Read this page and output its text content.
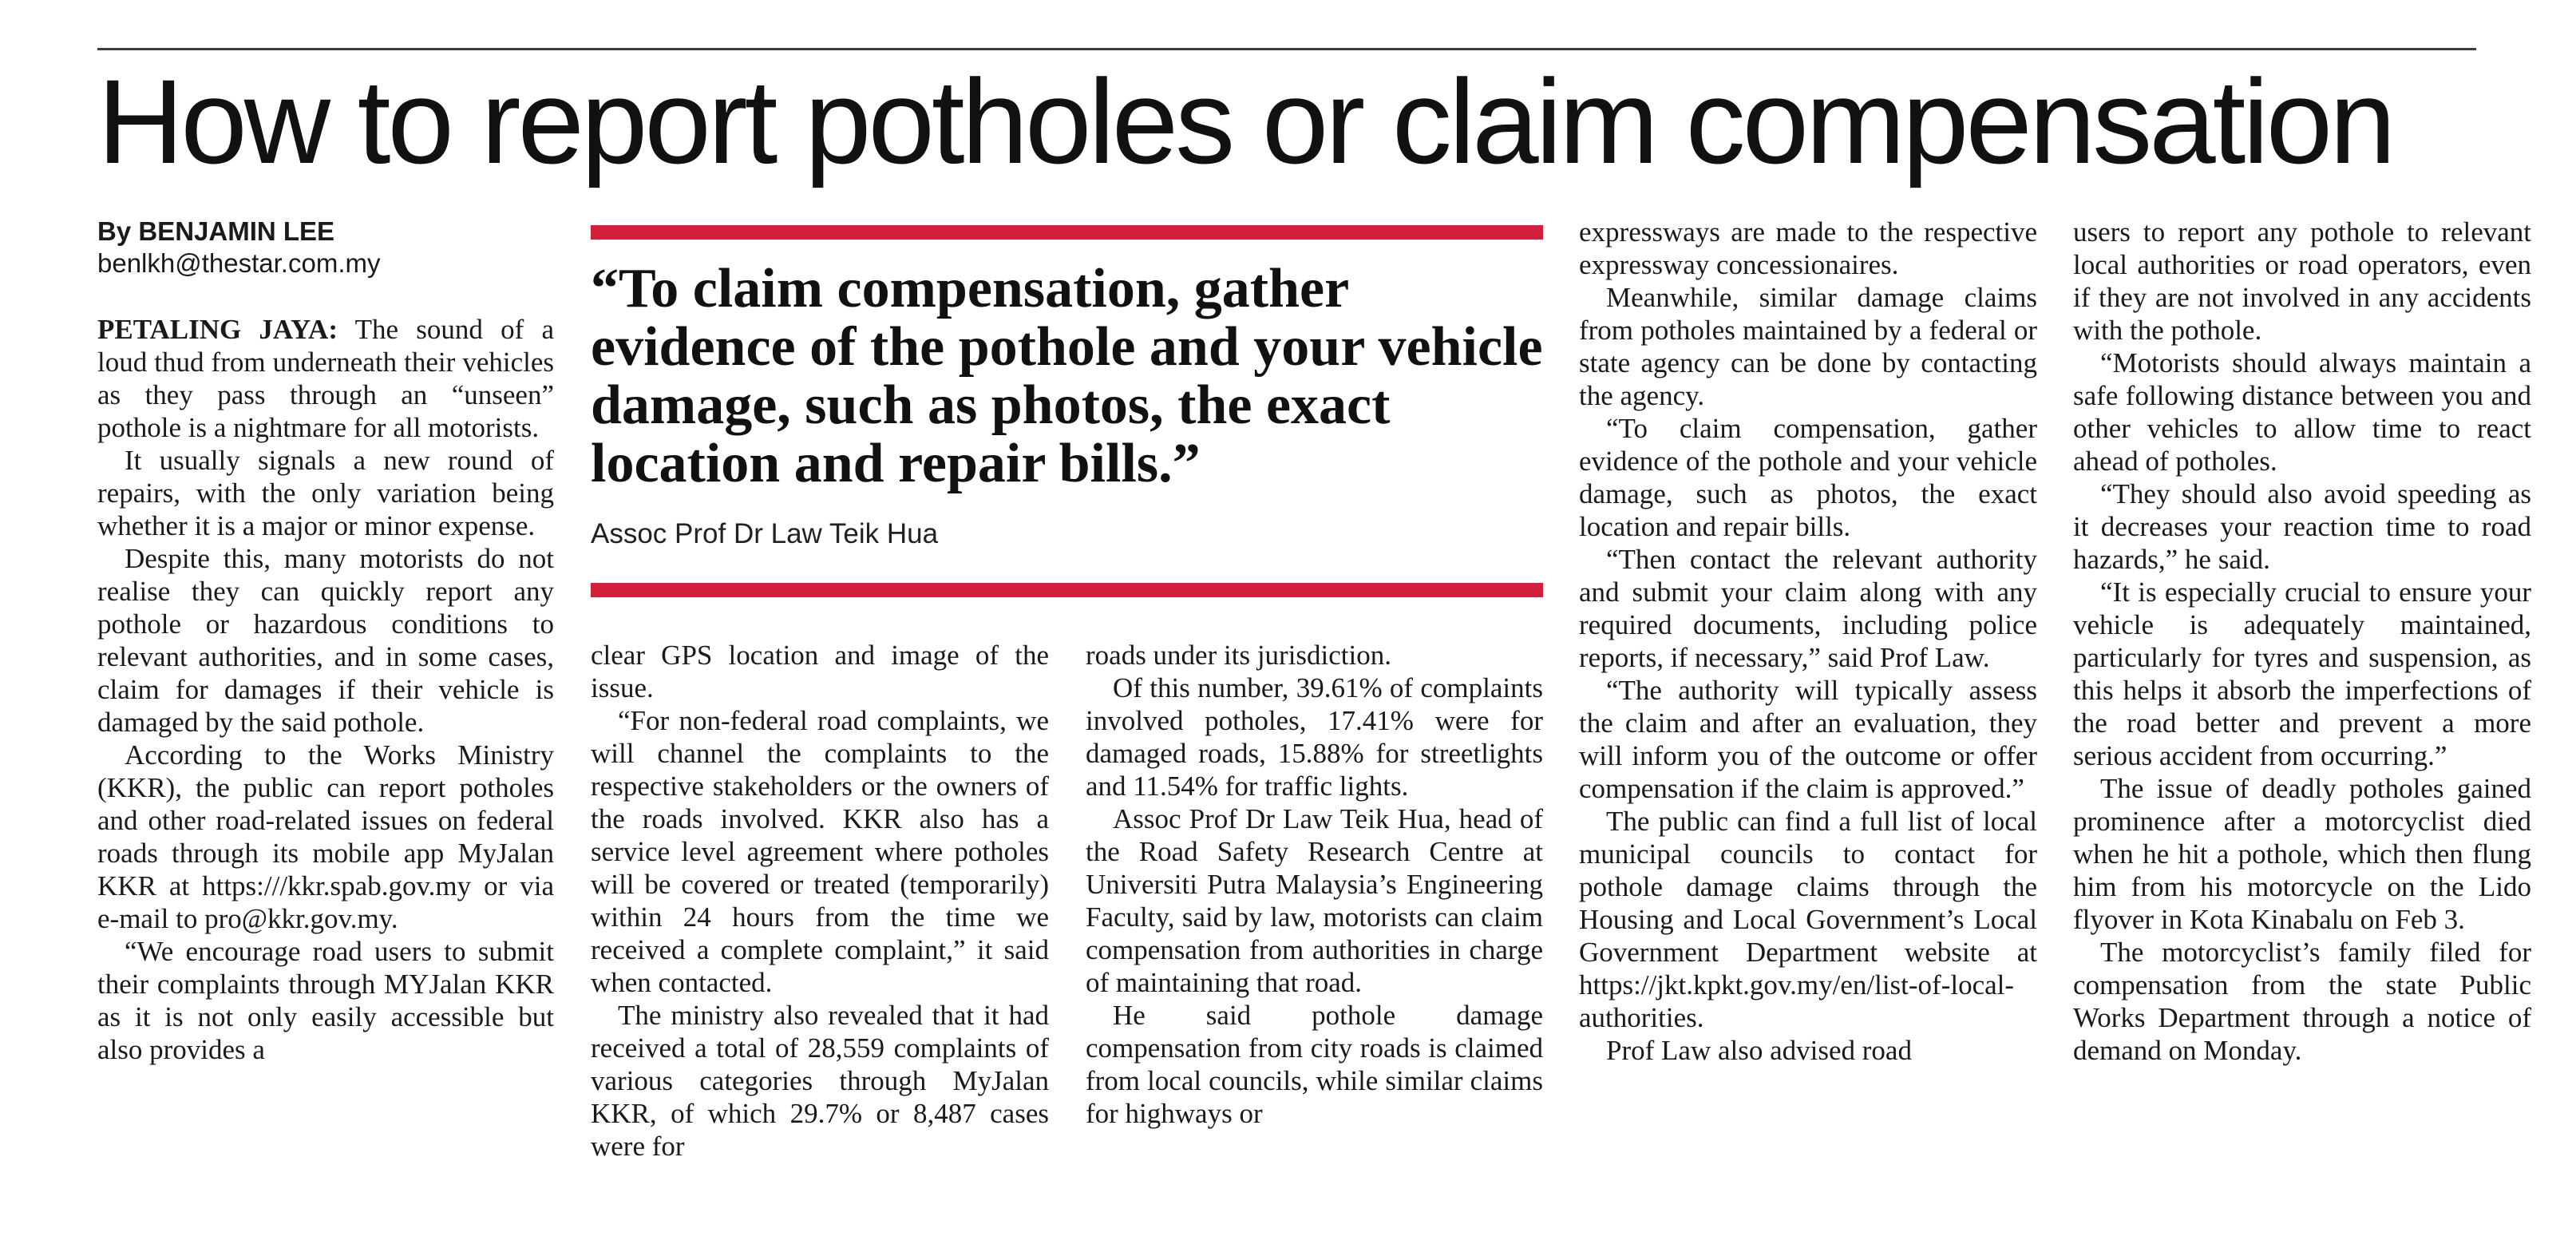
How to report potholes or claim compensation
By BENJAMIN LEE
benlkh@thestar.com.my

PETALING JAYA: The sound of a loud thud from underneath their vehicles as they pass through an “unseen” pothole is a nightmare for all motorists.

It usually signals a new round of repairs, with the only variation being whether it is a major or minor expense.

Despite this, many motorists do not realise they can quickly report any pothole or hazardous conditions to relevant authorities, and in some cases, claim for damages if their vehicle is damaged by the said pothole.

According to the Works Ministry (KKR), the public can report potholes and other road-related issues on federal roads through its mobile app MyJalan KKR at https:///kkr.spab.gov.my or via e-mail to pro@kkr.gov.my.

“We encourage road users to submit their complaints through MYJalan KKR as it is not only easily accessible but also provides a

“To claim compensation, gather evidence of the pothole and your vehicle damage, such as photos, the exact location and repair bills.”
Assoc Prof Dr Law Teik Hua

clear GPS location and image of the issue.

“For non-federal road complaints, we will channel the complaints to the respective stakeholders or the owners of the roads involved. KKR also has a service level agreement where potholes will be covered or treated (temporarily) within 24 hours from the time we received a complete complaint,” it said when contacted.

The ministry also revealed that it had received a total of 28,559 complaints of various categories through MyJalan KKR, of which 29.7% or 8,487 cases were for

roads under its jurisdiction.

Of this number, 39.61% of complaints involved potholes, 17.41% were for damaged roads, 15.88% for streetlights and 11.54% for traffic lights.

Assoc Prof Dr Law Teik Hua, head of the Road Safety Research Centre at Universiti Putra Malaysia’s Engineering Faculty, said by law, motorists can claim compensation from authorities in charge of maintaining that road.

He said pothole damage compensation from city roads is claimed from local councils, while similar claims for highways or

expressways are made to the respective expressway concessionaires.

Meanwhile, similar damage claims from potholes maintained by a federal or state agency can be done by contacting the agency.

“To claim compensation, gather evidence of the pothole and your vehicle damage, such as photos, the exact location and repair bills.

“Then contact the relevant authority and submit your claim along with any required documents, including police reports, if necessary,” said Prof Law.

“The authority will typically assess the claim and after an evaluation, they will inform you of the outcome or offer compensation if the claim is approved.”

The public can find a full list of local municipal councils to contact for pothole damage claims through the Housing and Local Government’s Local Government Department website at https://jkt.kpkt.gov.my/en/list-of-local-authorities.

Prof Law also advised road

users to report any pothole to relevant local authorities or road operators, even if they are not involved in any accidents with the pothole.

“Motorists should always maintain a safe following distance between you and other vehicles to allow time to react ahead of potholes.

“They should also avoid speeding as it decreases your reaction time to road hazards,” he said.

“It is especially crucial to ensure your vehicle is adequately maintained, particularly for tyres and suspension, as this helps it absorb the imperfections of the road better and prevent a more serious accident from occurring.”

The issue of deadly potholes gained prominence after a motorcyclist died when he hit a pothole, which then flung him from his motorcycle on the Lido flyover in Kota Kinabalu on Feb 3.

The motorcyclist’s family filed for compensation from the state Public Works Department through a notice of demand on Monday.
